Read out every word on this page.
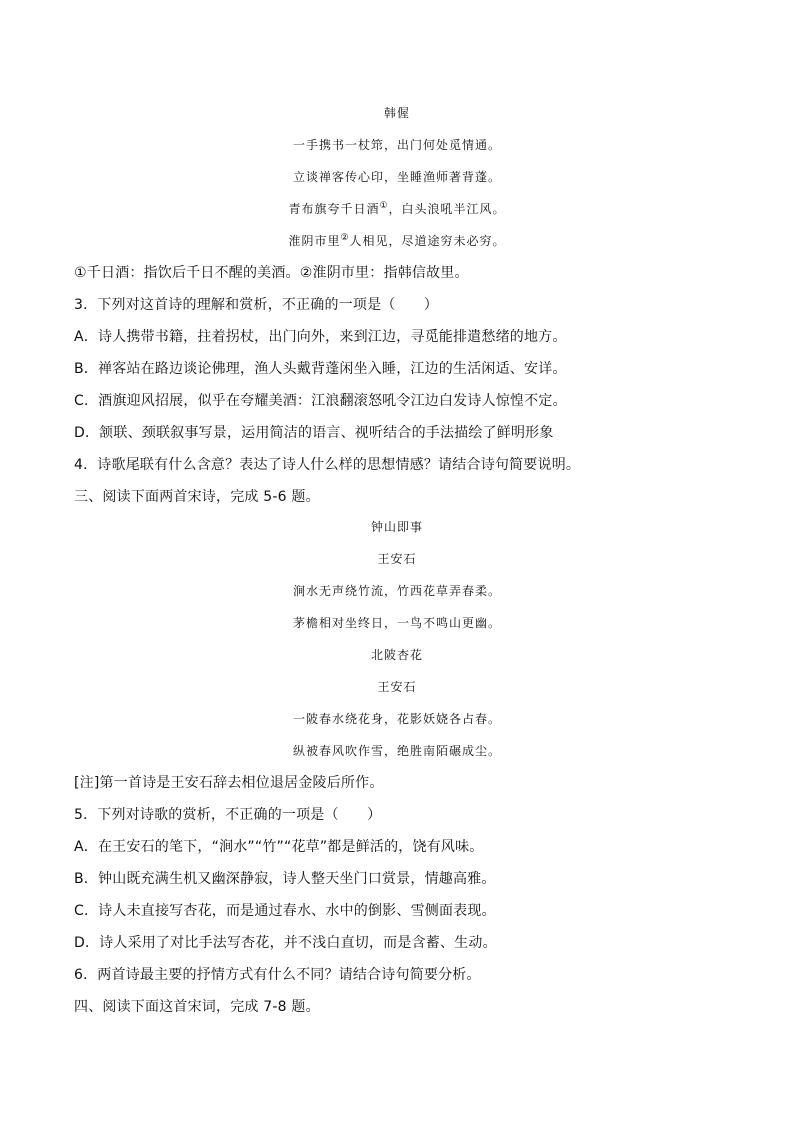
韩偓
一手携书一杖筇，出门何处觅情通。
立谈禅客传心印，坐睡渔师著背蓬。
青布旗夸千日酒①，白头浪吼半江风。
淮阴市里②人相见，尽道途穷未必穷。
①千日酒：指饮后千日不醒的美酒。②淮阴市里：指韩信故里。
3．下列对这首诗的理解和赏析，不正确的一项是（　　）
A．诗人携带书籍，拄着拐杖，出门向外，来到江边，寻觅能排遣愁绪的地方。
B．禅客站在路边谈论佛理，渔人头戴背蓬闲坐入睡，江边的生活闲适、安详。
C．酒旗迎风招展，似乎在夸耀美酒：江浪翻滚怒吼令江边白发诗人惊惶不定。
D．颔联、颈联叙事写景，运用简洁的语言、视听结合的手法描绘了鲜明形象
4．诗歌尾联有什么含意？表达了诗人什么样的思想情感？请结合诗句简要说明。
三、阅读下面两首宋诗，完成 5-6 题。
钟山即事
王安石
涧水无声绕竹流，竹西花草弄春柔。
茅檐相对坐终日，一鸟不鸣山更幽。
北陂杏花
王安石
一陂春水绕花身，花影妖娆各占春。
纵被春风吹作雪，绝胜南陌碾成尘。
[注]第一首诗是王安石辞去相位退居金陵后所作。
5．下列对诗歌的赏析，不正确的一项是（　　）
A．在王安石的笔下，“涧水”“竹”“花草”都是鲜活的，饶有风味。
B．钟山既充满生机又幽深静寂，诗人整天坐门口赏景，情趣高雅。
C．诗人未直接写杏花，而是通过春水、水中的倒影、雪侧面表现。
D．诗人采用了对比手法写杏花，并不浅白直切，而是含蓄、生动。
6．两首诗最主要的抒情方式有什么不同？请结合诗句简要分析。
四、阅读下面这首宋词，完成 7-8 题。
